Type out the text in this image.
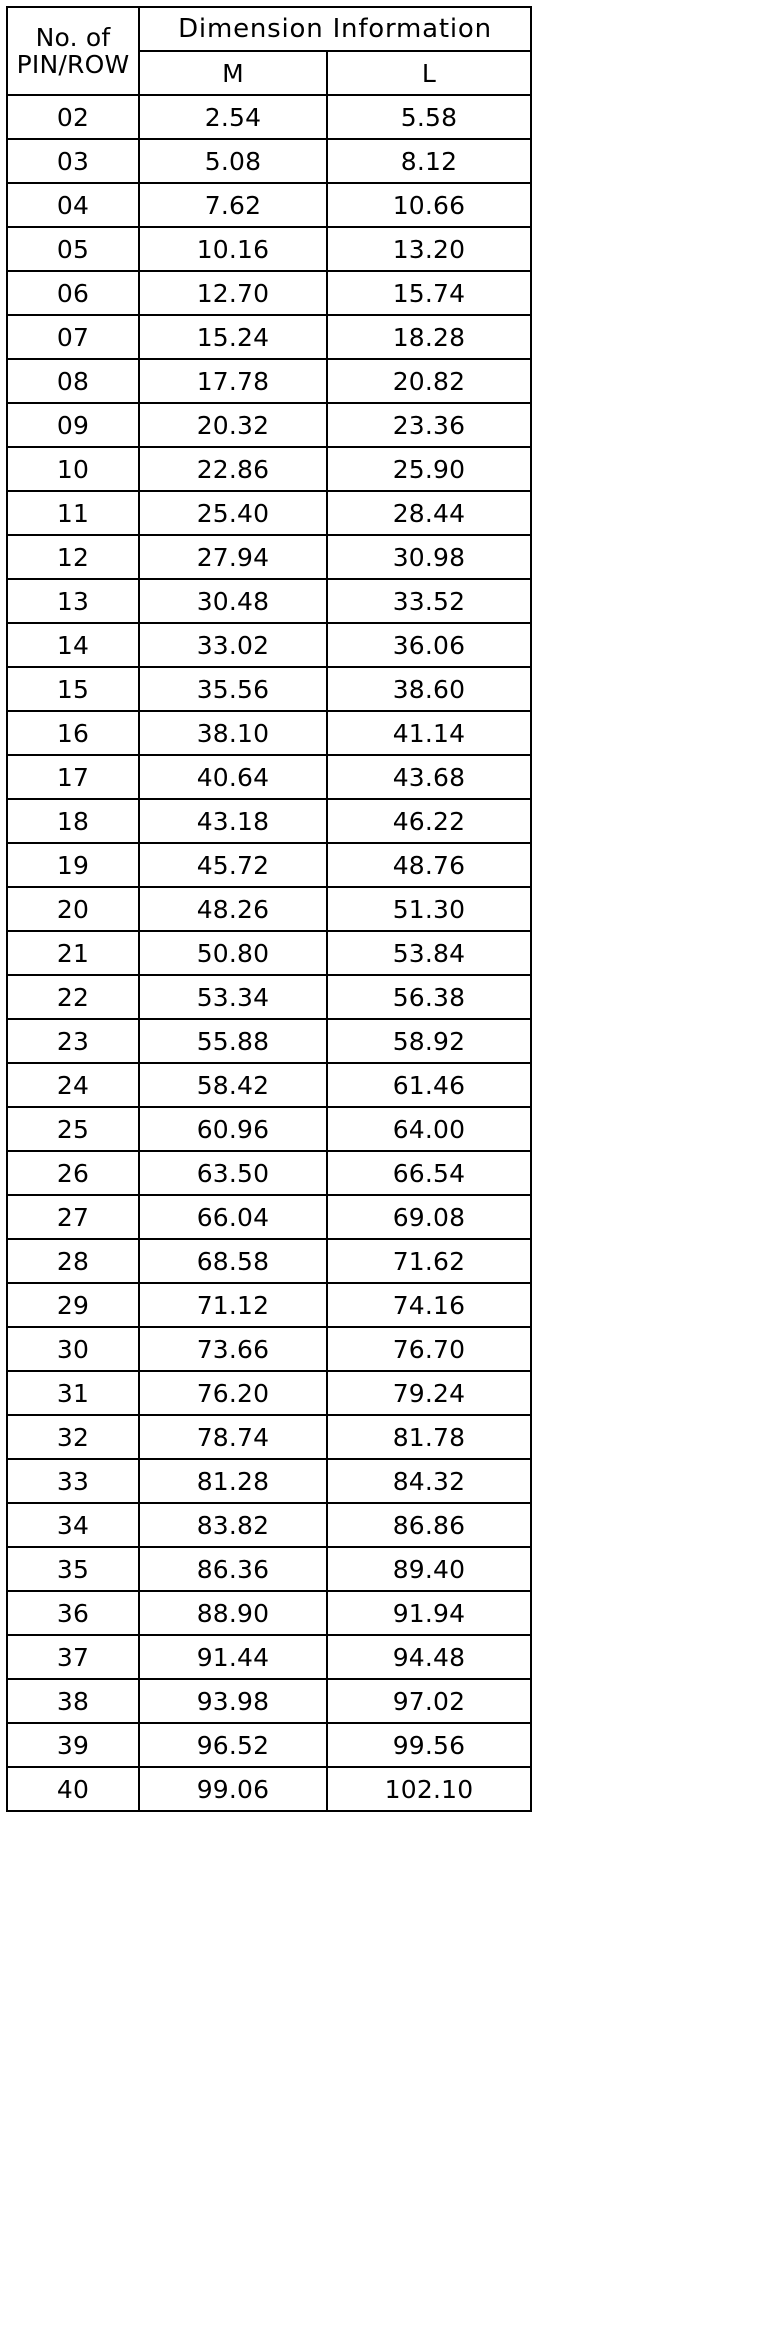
No. of
PIN/ROW	Dimension Information	
	M	L
02	2.54	5.58
03	5.08	8.12
04	7.62	10.66
05	10.16	13.20
06	12.70	15.74
07	15.24	18.28
08	17.78	20.82
09	20.32	23.36
10	22.86	25.90
11	25.40	28.44
12	27.94	30.98
13	30.48	33.52
14	33.02	36.06
15	35.56	38.60
16	38.10	41.14
17	40.64	43.68
18	43.18	46.22
19	45.72	48.76
20	48.26	51.30
21	50.80	53.84
22	53.34	56.38
23	55.88	58.92
24	58.42	61.46
25	60.96	64.00
26	63.50	66.54
27	66.04	69.08
28	68.58	71.62
29	71.12	74.16
30	73.66	76.70
31	76.20	79.24
32	78.74	81.78
33	81.28	84.32
34	83.82	86.86
35	86.36	89.40
36	88.90	91.94
37	91.44	94.48
38	93.98	97.02
39	96.52	99.56
40	99.06	102.10
